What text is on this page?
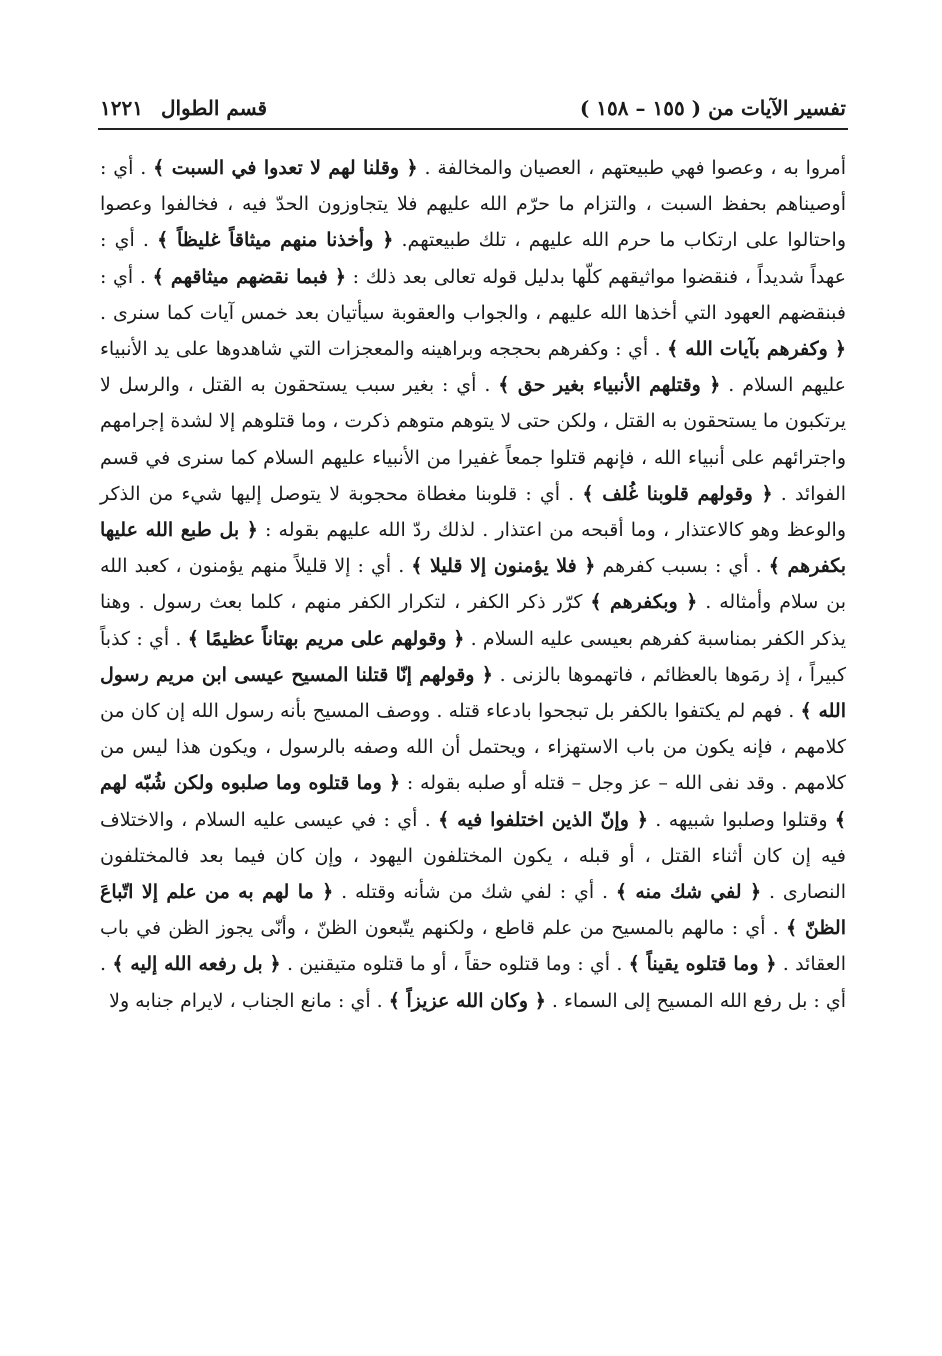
تفسير الآيات من ( ١٥٥ – ١٥٨ )
قسم الطوال
١٢٢١

أمروا به ، وعصوا فهي طبيعتهم ، العصيان والمخالفة . ﴿ وقلنا لهم لا تعدوا في السبت ﴾ . أي : أوصيناهم بحفظ السبت ، والتزام ما حرّم الله عليهم فلا يتجاوزون الحدّ فيه ، فخالفوا وعصوا واحتالوا على ارتكاب ما حرم الله عليهم ، تلك طبيعتهم. ﴿ وأخذنا منهم ميثاقاً غليظاً ﴾ . أي : عهداً شديداً ، فنقضوا مواثيقهم كلّها بدليل قوله تعالى بعد ذلك : ﴿ فبما نقضهم ميثاقهم ﴾ . أي : فبنقضهم العهود التي أخذها الله عليهم ، والجواب والعقوبة سيأتيان بعد خمس آيات كما سنرى . ﴿ وكفرهم بآيات الله ﴾ . أي : وكفرهم بحججه وبراهينه والمعجزات التي شاهدوها على يد الأنبياء عليهم السلام . ﴿ وقتلهم الأنبياء بغير حق ﴾ . أي : بغير سبب يستحقون به القتل ، والرسل لا يرتكبون ما يستحقون به القتل ، ولكن حتى لا يتوهم متوهم ذكرت ، وما قتلوهم إلا لشدة إجرامهم واجترائهم على أنبياء الله ، فإنهم قتلوا جمعاً غفيرا من الأنبياء عليهم السلام كما سنرى في قسم الفوائد . ﴿ وقولهم قلوبنا غُلف ﴾ . أي : قلوبنا مغطاة محجوبة لا يتوصل إليها شيء من الذكر والوعظ وهو كالاعتذار ، وما أقبحه من اعتذار . لذلك ردّ الله عليهم بقوله : ﴿ بل طبع الله عليها بكفرهم ﴾ . أي : بسبب كفرهم ﴿ فلا يؤمنون إلا قليلا ﴾ . أي : إلا قليلاً منهم يؤمنون ، كعبد الله بن سلام وأمثاله . ﴿ وبكفرهم ﴾ كرّر ذكر الكفر ، لتكرار الكفر منهم ، كلما بعث رسول . وهنا يذكر الكفر بمناسبة كفرهم بعيسى عليه السلام . ﴿ وقولهم على مريم بهتاناً عظيمًا ﴾ . أي : كذباً كبيراً ، إذ رمَوها بالعظائم ، فاتهموها بالزنى . ﴿ وقولهم إنّا قتلنا المسيح عيسى ابن مريم رسول الله ﴾ . فهم لم يكتفوا بالكفر بل تبجحوا بادعاء قتله . ووصف المسيح بأنه رسول الله إن كان من كلامهم ، فإنه يكون من باب الاستهزاء ، ويحتمل أن الله وصفه بالرسول ، ويكون هذا ليس من كلامهم . وقد نفى الله – عز وجل – قتله أو صلبه بقوله : ﴿ وما قتلوه وما صلبوه ولكن شُبّه لهم ﴾ وقتلوا وصلبوا شبيهه . ﴿ وإنّ الذين اختلفوا فيه ﴾ . أي : في عيسى عليه السلام ، والاختلاف فيه إن كان أثناء القتل ، أو قبله ، يكون المختلفون اليهود ، وإن كان فيما بعد فالمختلفون النصارى . ﴿ لفي شك منه ﴾ . أي : لفي شك من شأنه وقتله . ﴿ ما لهم به من علم إلا اتّباعَ الظنّ ﴾ . أي : مالهم بالمسيح من علم قاطع ، ولكنهم يتّبعون الظنّ ، وأنّى يجوز الظن في باب العقائد . ﴿ وما قتلوه يقيناً ﴾ . أي : وما قتلوه حقاً ، أو ما قتلوه متيقنين . ﴿ بل رفعه الله إليه ﴾ . أي : بل رفع الله المسيح إلى السماء . ﴿ وكان الله عزيزاً ﴾ . أي : مانع الجناب ، لايرام جنابه ولا
